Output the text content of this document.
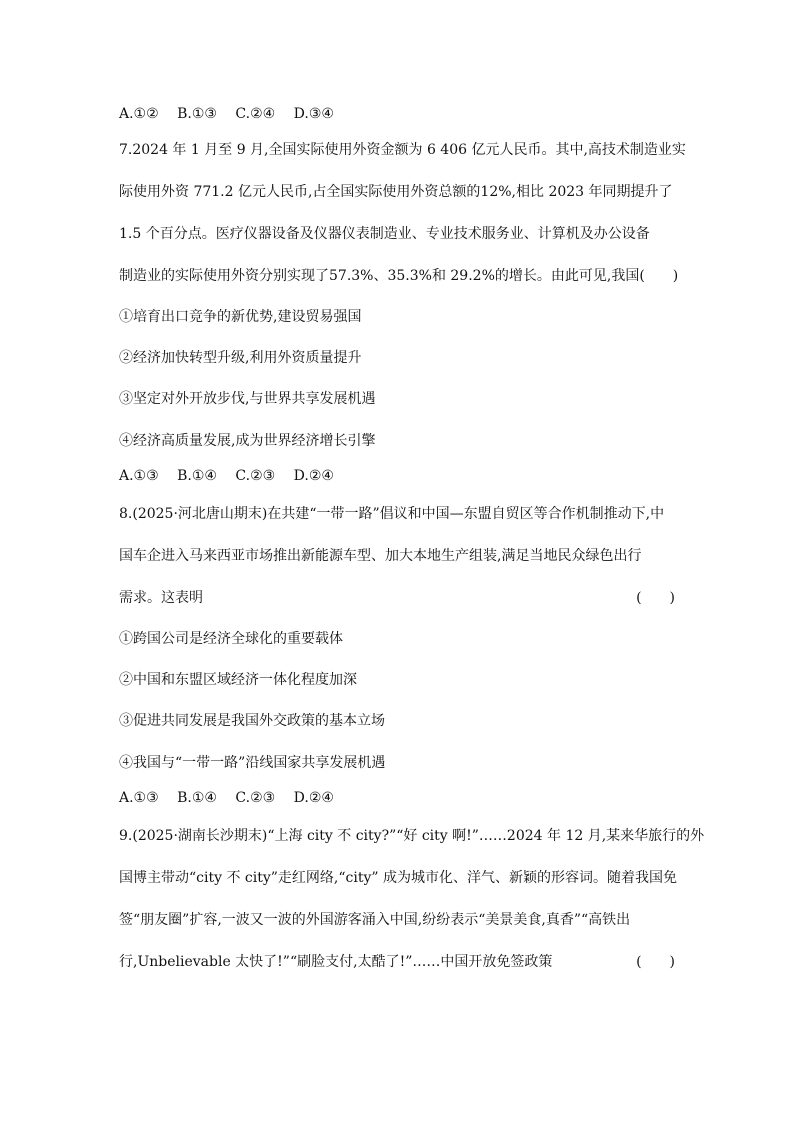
A.①② B.①③ C.②④ D.③④
7.2024 年 1 月至 9 月,全国实际使用外资金额为 6 406 亿元人民币。其中,高技术制造业实
际使用外资 771.2 亿元人民币,占全国实际使用外资总额的12%,相比 2023 年同期提升了
1.5 个百分点。医疗仪器设备及仪器仪表制造业、专业技术服务业、计算机及办公设备
制造业的实际使用外资分别实现了57.3%、35.3%和 29.2%的增长。由此可见,我国(　　)
①培育出口竞争的新优势,建设贸易强国
②经济加快转型升级,利用外资质量提升
③坚定对外开放步伐,与世界共享发展机遇
④经济高质量发展,成为世界经济增长引擎
A.①③ B.①④ C.②③ D.②④
8.(2025·河北唐山期末)在共建“一带一路”倡议和中国—东盟自贸区等合作机制推动下,中
国车企进入马来西亚市场推出新能源车型、加大本地生产组装,满足当地民众绿色出行
需求。这表明	(　　)
①跨国公司是经济全球化的重要载体
②中国和东盟区域经济一体化程度加深
③促进共同发展是我国外交政策的基本立场
④我国与“一带一路”沿线国家共享发展机遇
A.①③ B.①④ C.②③ D.②④
9.(2025·湖南长沙期末)“上海 city 不 city?”“好 city 啊!”……2024 年 12 月,某来华旅行的外
国博主带动“city 不 city”走红网络,“city” 成为城市化、洋气、新颖的形容词。随着我国免
签“朋友圈”扩容,一波又一波的外国游客涌入中国,纷纷表示“美景美食,真香”“高铁出
行,Unbelievable 太快了!”“刷脸支付,太酷了!”……中国开放免签政策	(　　)
